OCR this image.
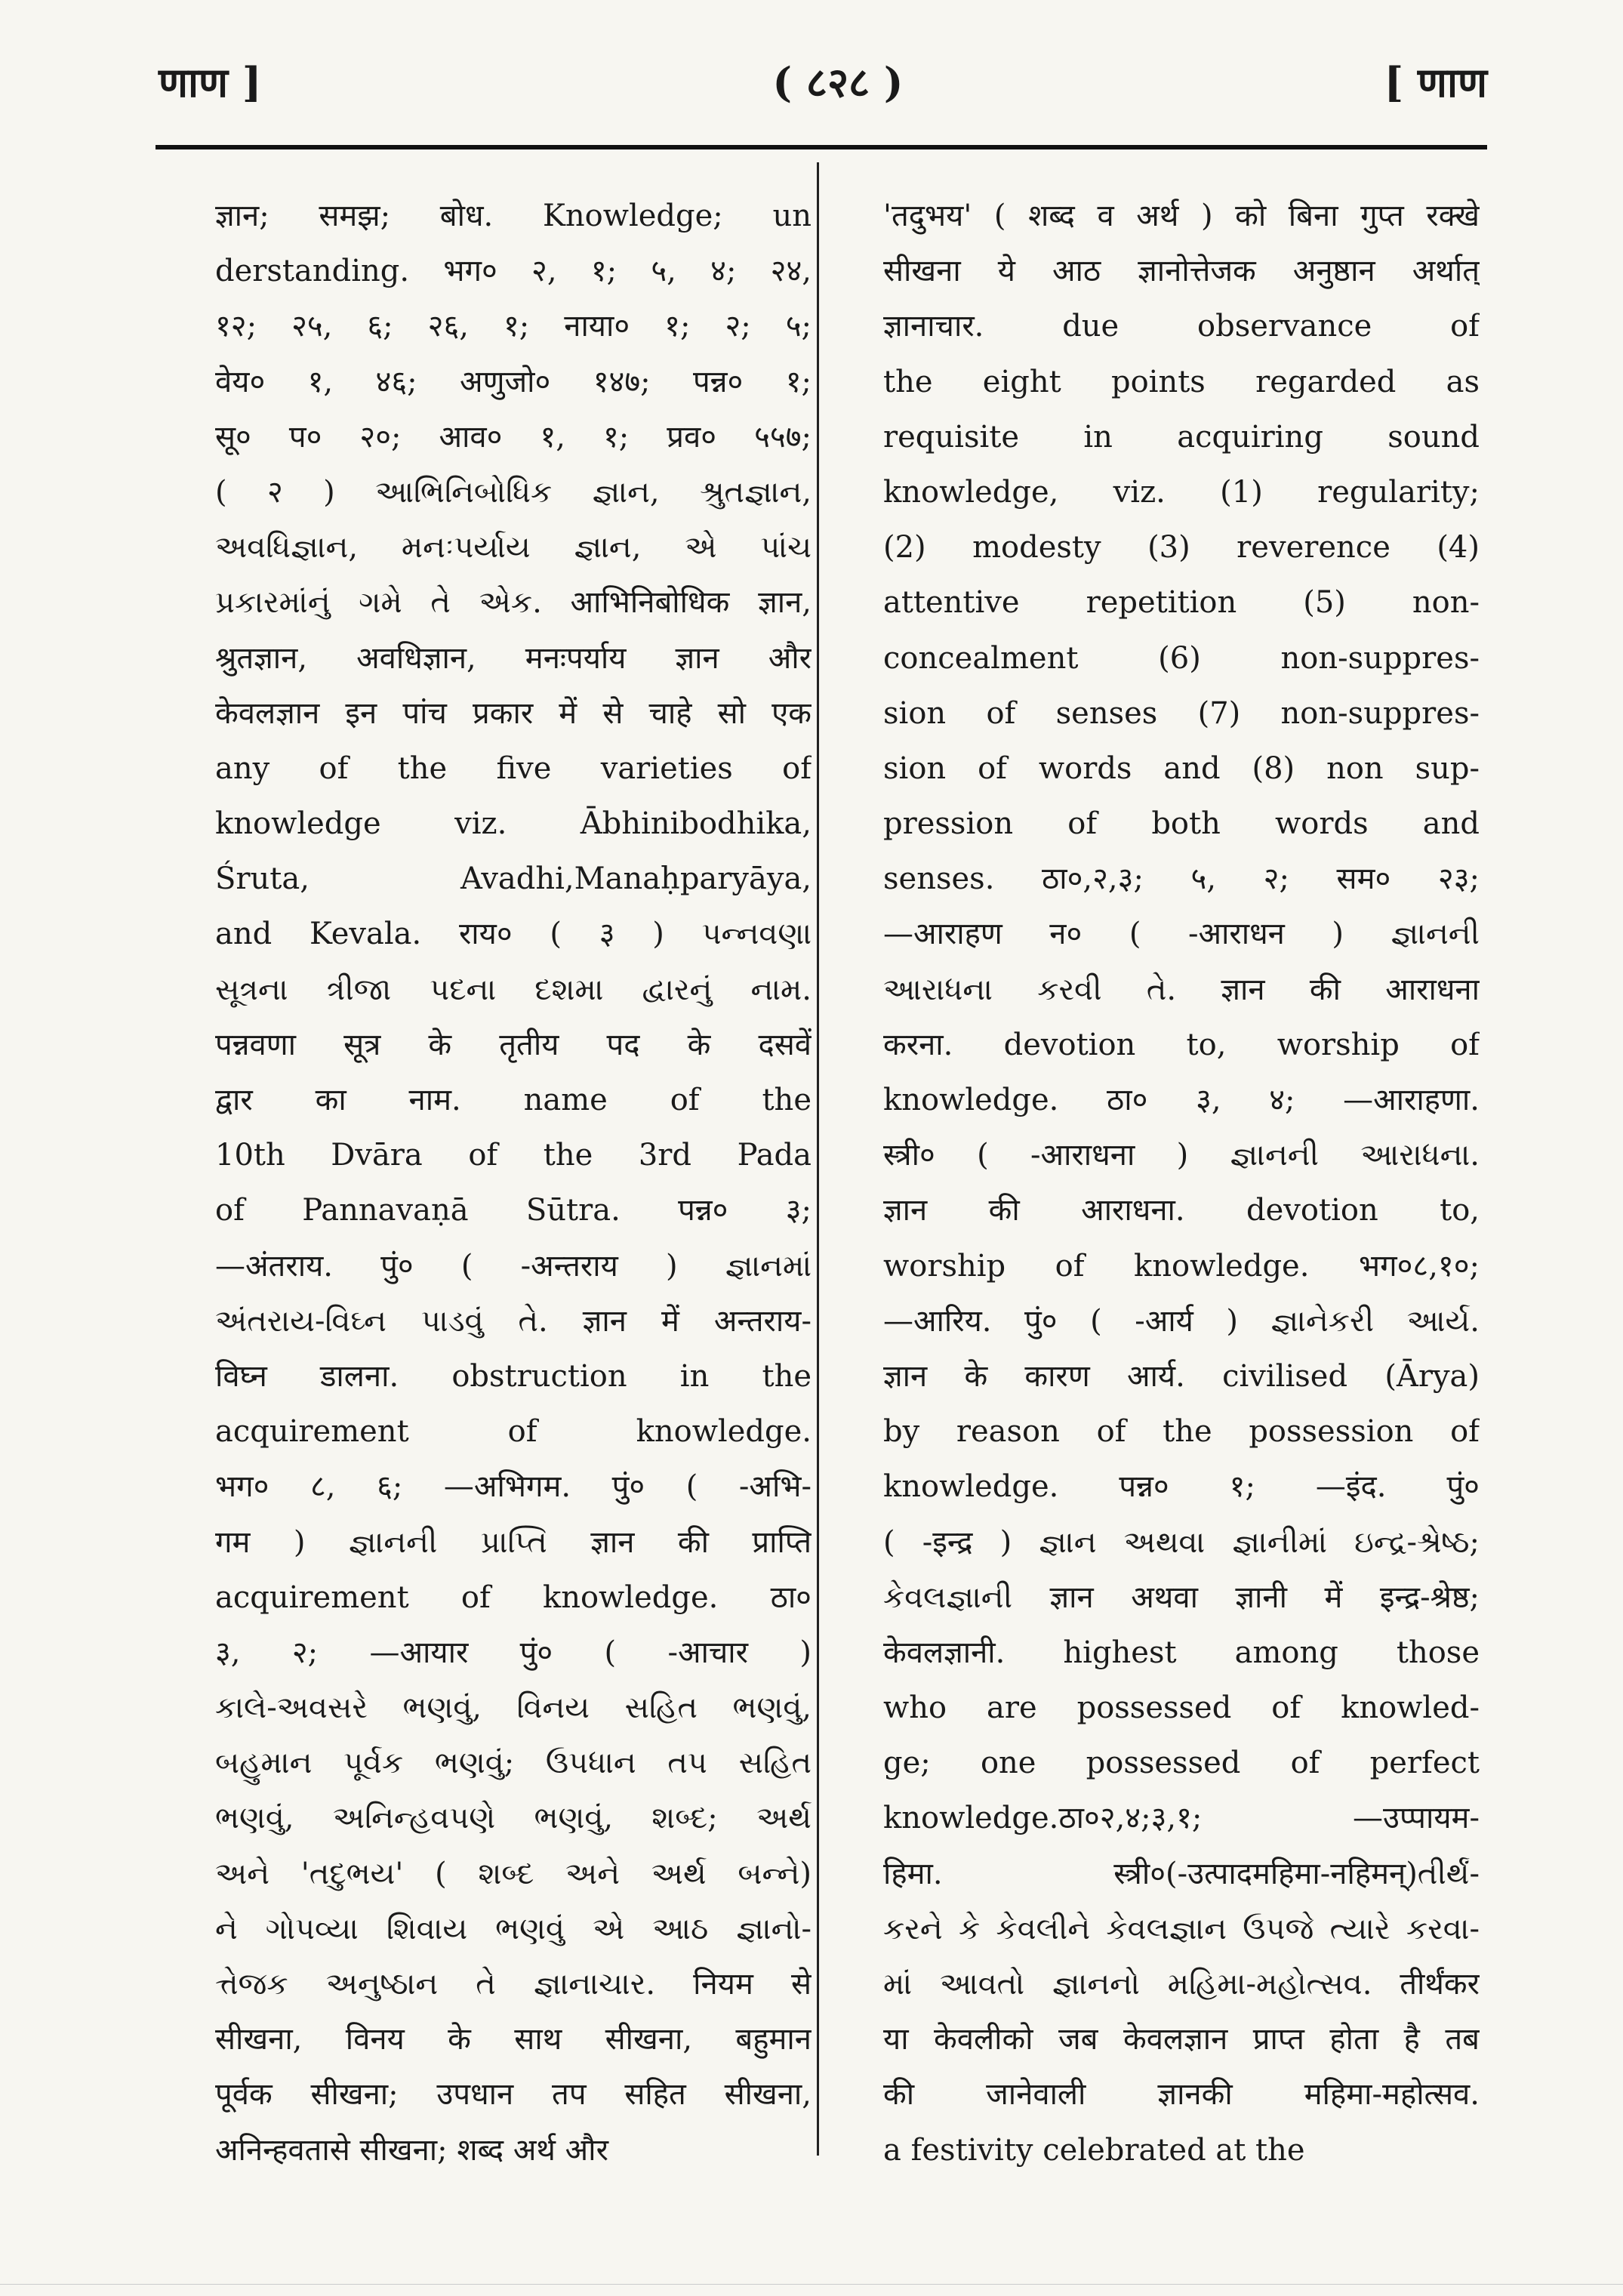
णाण ]	( ८२८ )	[ णाण
ज्ञान; समझ; बोध. Knowledge; un
derstanding. भग० २, १; ५, ४; २४,
१२; २५, ६; २६, १; नाया० १; २; ५;
वेय० १, ४६; अणुजो० १४७; पन्न० १;
सू० प० २०; आव० १, १; प्रव० ५५७;
( २ ) આભિનિબોધિક જ્ઞાન, શ્રુતજ્ઞાન,
અવધિજ્ઞાન, મનઃપર્યાય જ્ઞાન, એ પાંચ
પ્રકારમાંનું ગમે તે એક. आभिनिबोधिक ज्ञान,
श्रुतज्ञान, अवधिज्ञान, मनःपर्याय ज्ञान और
केवलज्ञान इन पांच प्रकार में से चाहे सो एक
any of the five varieties of
knowledge viz. Ābhinibodhika,
Śruta, Avadhi,Manaḥparyāya,
and Kevala. राय० ( ३ ) પન્નવણા
સૂત્રના ત્રીજા પદના દશમા દ્વારનું નામ.
पन्नवणा सूत्र के तृतीय पद के दसवें
द्वार का नाम. name of the
10th Dvāra of the 3rd Pada
of Pannavaṇā Sūtra. पन्न० ३;
—अंतराय. पुं० ( -अन्तराय ) જ્ઞાનમાં
અંતરાય-વિઘ્ન પાડવું તે. ज्ञान में अन्तराय-
विघ्न डालना. obstruction in the
acquirement of knowledge.
भग० ८, ६; —अभिगम. पुं० ( -अभि-
गम ) જ્ઞાનની પ્રાપ્તિ ज्ञान की प्राप्ति
acquirement of knowledge. ठा०
३, २; —आयार पुं० ( -आचार )
કાલે-અવસરે ભણવું, વિનય સહિત ભણવું,
બહુમાન પૂર્વક ભણવું; ઉપધાન તપ સહિત
ભણવું, અનિન્હવપણે ભણવું, શબ્દ; અર્થ
અને 'તદુભય' ( શબ્દ અને અર્થ બન્ને)
ને ગોપવ્યા શિવાય ભણવું એ આઠ જ્ઞાનો-
ત્તેજક અનુષ્ઠાન તે જ્ઞાનાચાર. नियम से
सीखना, विनय के साथ सीखना, बहुमान
पूर्वक सीखना; उपधान तप सहित सीखना,
अनिन्हवतासे सीखना; शब्द अर्थ और
'तदुभय' ( शब्द व अर्थ ) को बिना गुप्त रक्खे
सीखना ये आठ ज्ञानोत्तेजक अनुष्ठान अर्थात्
ज्ञानाचार. due observance of
the eight points regarded as
requisite in acquiring sound
knowledge, viz. (1) regularity;
(2) modesty (3) reverence (4)
attentive repetition (5) non-
concealment (6) non-suppres-
sion of senses (7) non-suppres-
sion of words and (8) non sup-
pression of both words and
senses. ठा०,२,३; ५, २; सम० २३;
—आराहण न० ( -आराधन ) જ્ઞાનની
આરાધના કરવી તે. ज्ञान की आराधना
करना. devotion to, worship of
knowledge. ठा० ३, ४; —आराहणा.
स्त्री० ( -आराधना ) જ્ઞાનની આરાધના.
ज्ञान की आराधना. devotion to,
worship of knowledge. भग०८,१०;
—आरिय. पुं० ( -आर्य ) જ્ઞાનેકરી આર્ય.
ज्ञान के कारण आर्य. civilised (Ārya)
by reason of the possession of
knowledge. पन्न० १; —इंद. पुं०
( -इन्द्र ) જ્ઞાન અથવા જ્ઞાનીમાં ઇન્દ્ર-શ્રેષ્ઠ;
કેવલજ્ઞાની ज्ञान अथवा ज्ञानी में इन्द्र-श्रेष्ठ;
केवलज्ञानी. highest among those
who are possessed of knowled-
ge; one possessed of perfect
knowledge.ठा०२,४;३,१; —उप्पायम-
हिमा. स्त्री०(-उत्पादमहिमा-नहिमन्)તીર્થં-
કરને કે કેવલીને કેવલજ્ઞાન ઉપજે ત્યારે કરવા-
માં આવતો જ્ઞાનનો મહિમા-મહોત્સવ. तीर्थंकर
या केवलीको जब केवलज्ञान प्राप्त होता है तब
की जानेवाली ज्ञानकी महिमा-महोत्सव.
a festivity celebrated at the
